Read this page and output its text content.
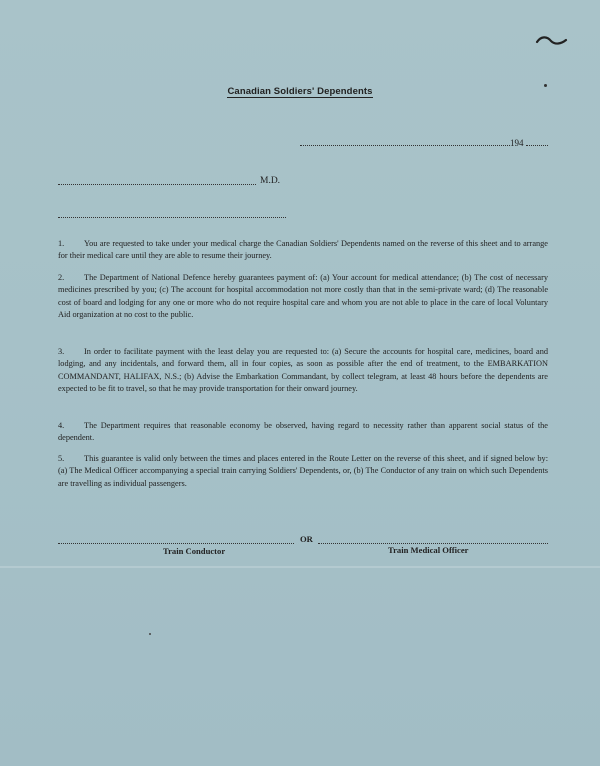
Canadian Soldiers' Dependents
194
M.D.
1. You are requested to take under your medical charge the Canadian Soldiers' Dependents named on the reverse of this sheet and to arrange for their medical care until they are able to resume their journey.
2. The Department of National Defence hereby guarantees payment of: (a) Your account for medical attendance; (b) The cost of necessary medicines prescribed by you; (c) The account for hospital accommodation not more costly than that in the semi-private ward; (d) The reasonable cost of board and lodging for any one or more who do not require hospital care and whom you are not able to place in the care of local Voluntary Aid organization at no cost to the public.
3. In order to facilitate payment with the least delay you are requested to: (a) Secure the accounts for hospital care, medicines, board and lodging, and any incidentals, and forward them, all in four copies, as soon as possible after the end of treatment, to the EMBARKATION COMMANDANT, HALIFAX, N.S.; (b) Advise the Embarkation Commandant, by collect telegram, at least 48 hours before the dependents are expected to be fit to travel, so that he may provide transportation for their onward journey.
4. The Department requires that reasonable economy be observed, having regard to necessity rather than apparent social status of the dependent.
5. This guarantee is valid only between the times and places entered in the Route Letter on the reverse of this sheet, and if signed below by: (a) The Medical Officer accompanying a special train carrying Soldiers' Dependents, or, (b) The Conductor of any train on which such Dependents are travelling as individual passengers.
OR
Train Conductor	Train Medical Officer
